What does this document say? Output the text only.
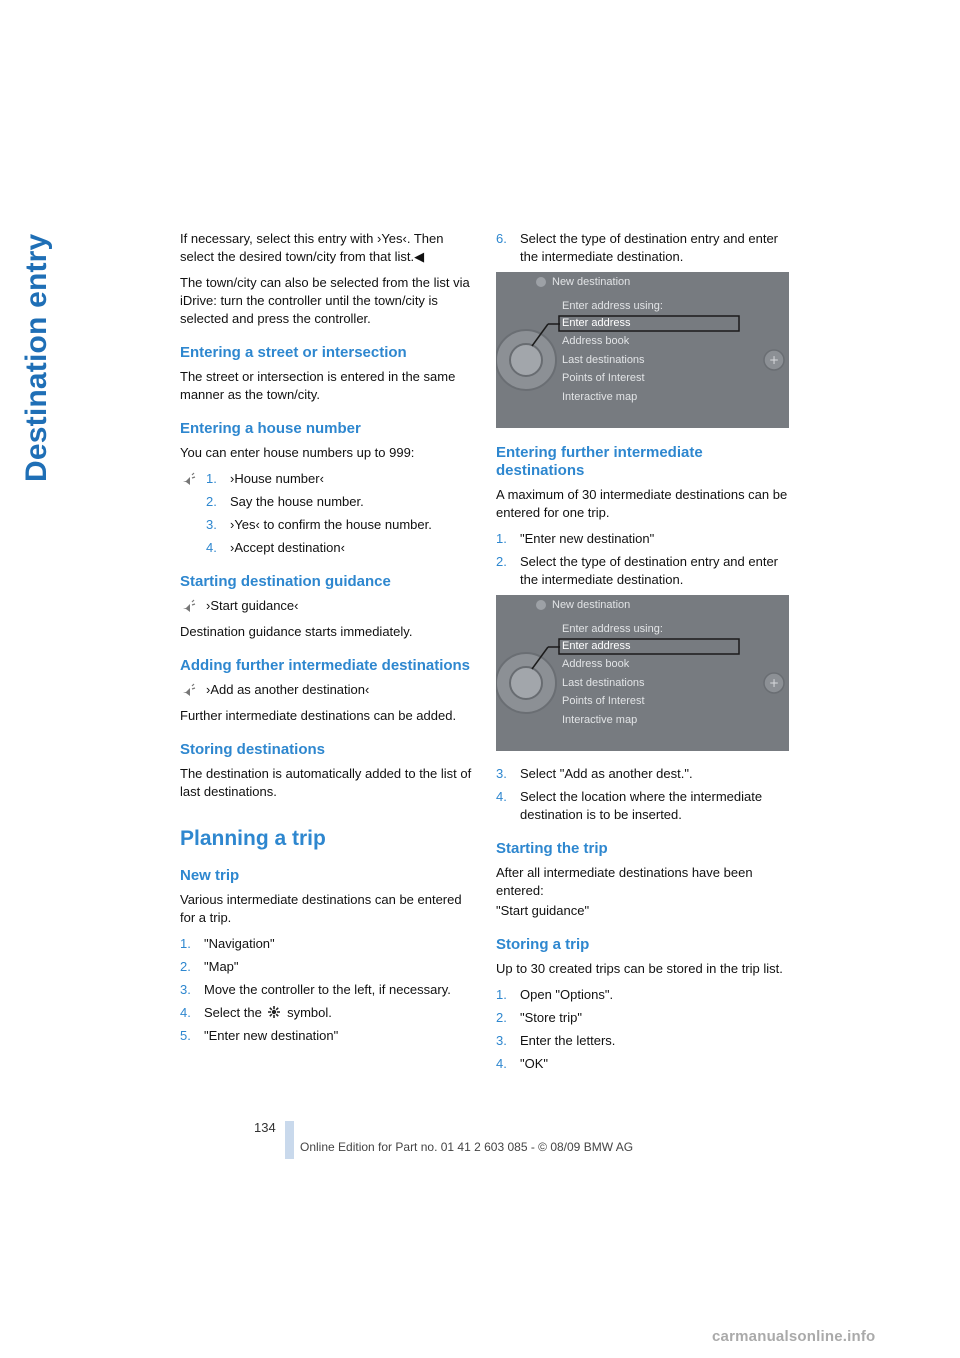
Destination entry	If necessary, select this entry with ›Yes‹. Then select the desired town/city from that list.◀

The town/city can also be selected from the list via iDrive: turn the controller until the town/city is selected and press the controller.

Entering a street or intersection

The street or intersection is entered in the same manner as the town/city.

Entering a house number

You can enter house numbers up to 999:

1. ›House number‹
2. Say the house number.
3. ›Yes‹ to confirm the house number.
4. ›Accept destination‹
Starting destination guidance

›Start guidance‹

Destination guidance starts immediately.

Adding further intermediate destinations

›Add as another destination‹

Further intermediate destinations can be added.

Storing destinations

The destination is automatically added to the list of last destinations.

Planning a trip
New trip

Various intermediate destinations can be entered for a trip.

1. "Navigation"
2. "Map"
3. Move the controller to the left, if necessary.
4. Select the symbol.
5. "Enter new destination"
6. Select the type of destination entry and enter the intermediate destination.
+
New destination
Enter address using:
Enter address
Address book
Last destinations
Points of Interest
Interactive map
Entering further intermediate destinations

A maximum of 30 intermediate destinations can be entered for one trip.

1. "Enter new destination"
2. Select the type of destination entry and enter the intermediate destination.
+
New destination
Enter address using:
Enter address
Address book
Last destinations
Points of Interest
Interactive map
3. Select "Add as another dest.".
4. Select the location where the intermediate destination is to be inserted.
Starting the trip

After all intermediate destinations have been entered:

"Start guidance"

Storing a trip

Up to 30 created trips can be stored in the trip list.

1. Open "Options".
2. "Store trip"
3. Enter the letters.
4. "OK"
134
Online Edition for Part no. 01 41 2 603 085 - © 08/09 BMW AG
carmanualsonline.info
